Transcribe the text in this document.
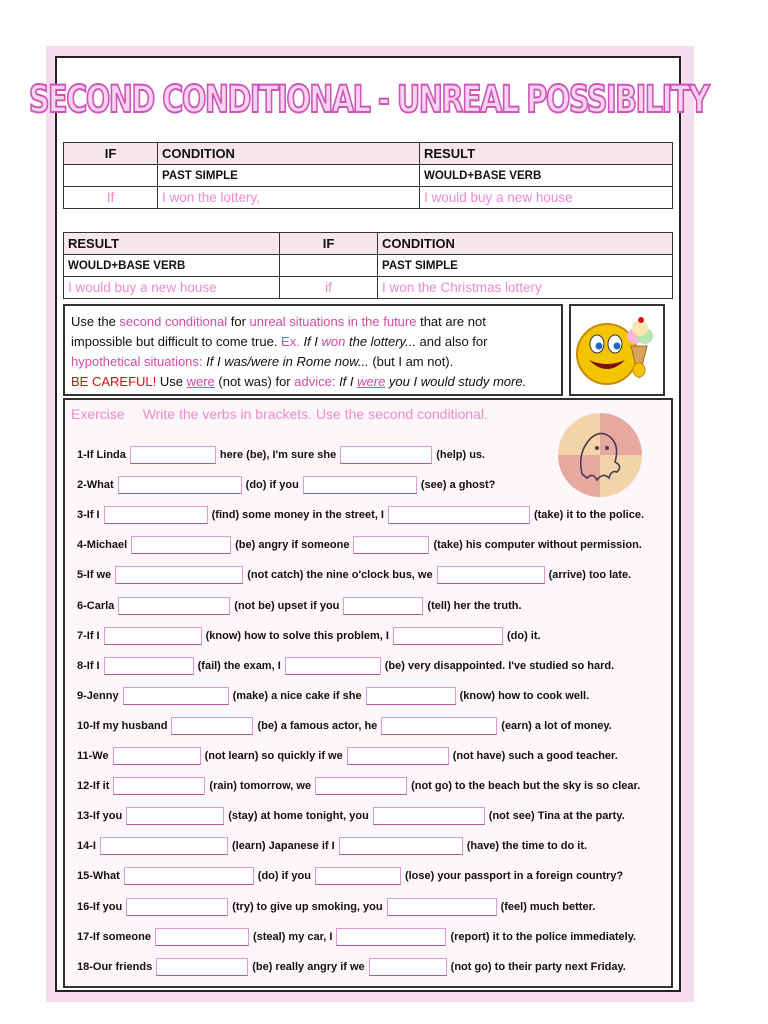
SECOND CONDITIONAL - UNREAL POSSIBILITY
IF	CONDITION	RESULT
	PAST SIMPLE	WOULD+BASE VERB
If	I won the lottery,	I would buy a new house
RESULT	IF	CONDITION
WOULD+BASE VERB		PAST SIMPLE
I would buy a new house	if	I won the Christmas lottery
Use the second conditional for unreal situations in the future that are not
impossible but difficult to come true. Ex. If I won the lottery... and also for
hypothetical situations: If I was/were in Rome now... (but I am not).
BE CAREFUL! Use were (not was) for advice: If I were you I would study more.
Exercise Write the verbs in brackets. Use the second conditional.
1-If Linda	here (be), I'm sure she	(help) us.
2-What	(do) if you	(see) a ghost?
3-If I	(find) some money in the street, I	(take) it to the police.
4-Michael	(be) angry if someone	(take) his computer without permission.
5-If we	(not catch) the nine o'clock bus, we	(arrive) too late.
6-Carla	(not be) upset if you	(tell) her the truth.
7-If I	(know) how to solve this problem, I	(do) it.
8-If I	(fail) the exam, I	(be) very disappointed. I've studied so hard.
9-Jenny	(make) a nice cake if she	(know) how to cook well.
10-If my husband	(be) a famous actor, he	(earn) a lot of money.
11-We	(not learn) so quickly if we	(not have) such a good teacher.
12-If it	(rain) tomorrow, we	(not go) to the beach but the sky is so clear.
13-If you	(stay) at home tonight, you	(not see) Tina at the party.
14-I	(learn) Japanese if I	(have) the time to do it.
15-What	(do) if you	(lose) your passport in a foreign country?
16-If you	(try) to give up smoking, you	(feel) much better.
17-If someone	(steal) my car, I	(report) it to the police immediately.
18-Our friends	(be) really angry if we	(not go) to their party next Friday.
